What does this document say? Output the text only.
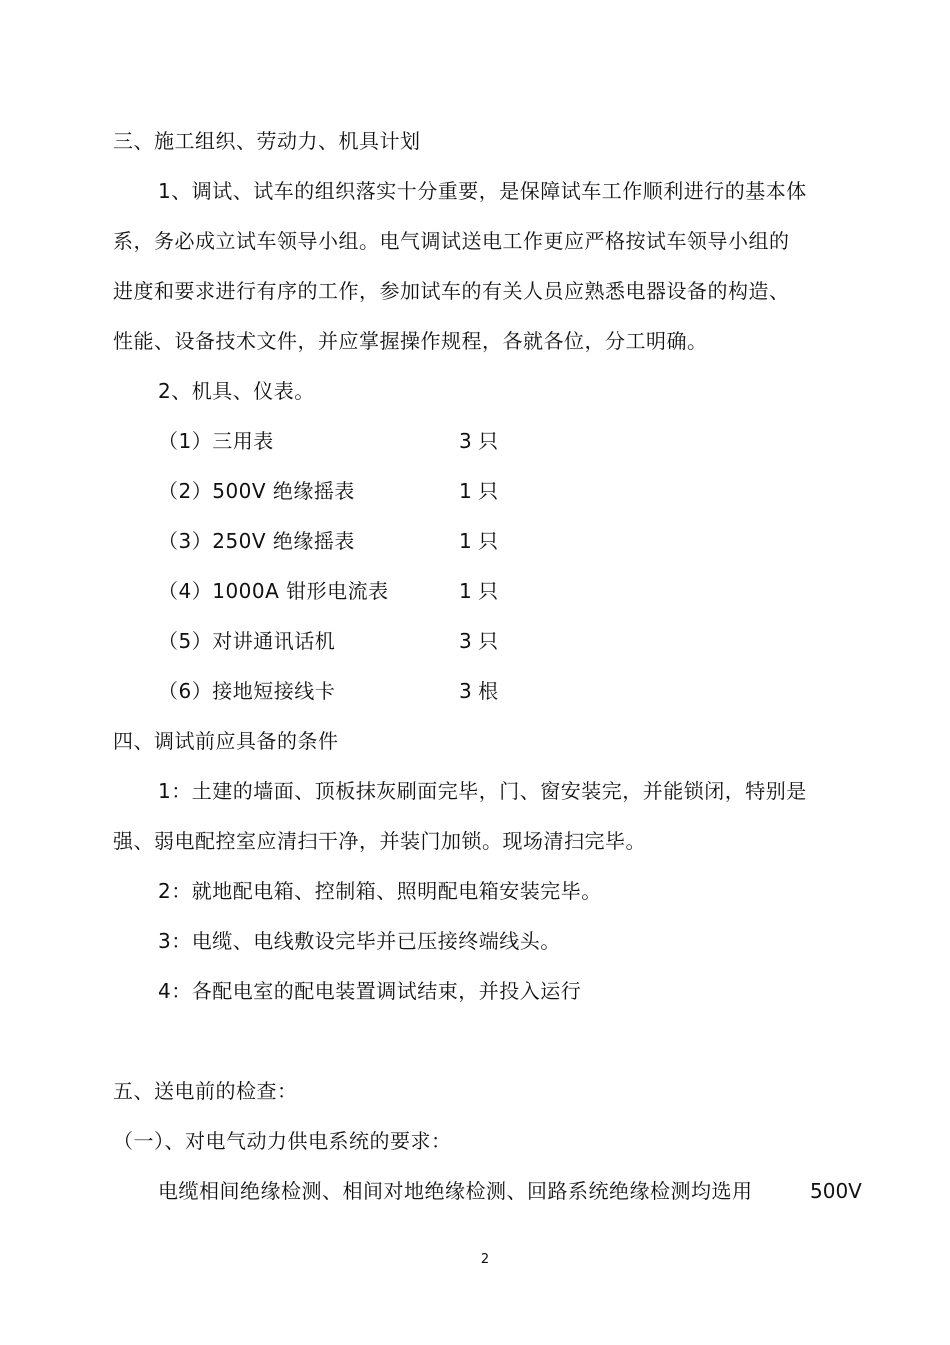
三、施工组织、劳动力、机具计划
1、调试、试车的组织落实十分重要，是保障试车工作顺利进行的基本体
系，务必成立试车领导小组。电气调试送电工作更应严格按试车领导小组的
进度和要求进行有序的工作，参加试车的有关人员应熟悉电器设备的构造、
性能、设备技术文件，并应掌握操作规程，各就各位，分工明确。
2、机具、仪表。
（1）三用表	3 只
（2）500V 绝缘摇表	1 只
（3）250V 绝缘摇表	1 只
（4）1000A 钳形电流表	1 只
（5）对讲通讯话机	3 只
（6）接地短接线卡	3 根
四、调试前应具备的条件
1：土建的墙面、顶板抹灰刷面完毕，门、窗安装完，并能锁闭，特别是
强、弱电配控室应清扫干净，并装门加锁。现场清扫完毕。
2：就地配电箱、控制箱、照明配电箱安装完毕。
3：电缆、电线敷设完毕并已压接终端线头。
4：各配电室的配电装置调试结束，并投入运行
五、送电前的检查：
（一）、对电气动力供电系统的要求：
电缆相间绝缘检测、相间对地绝缘检测、回路系统绝缘检测均选用	500V
2
